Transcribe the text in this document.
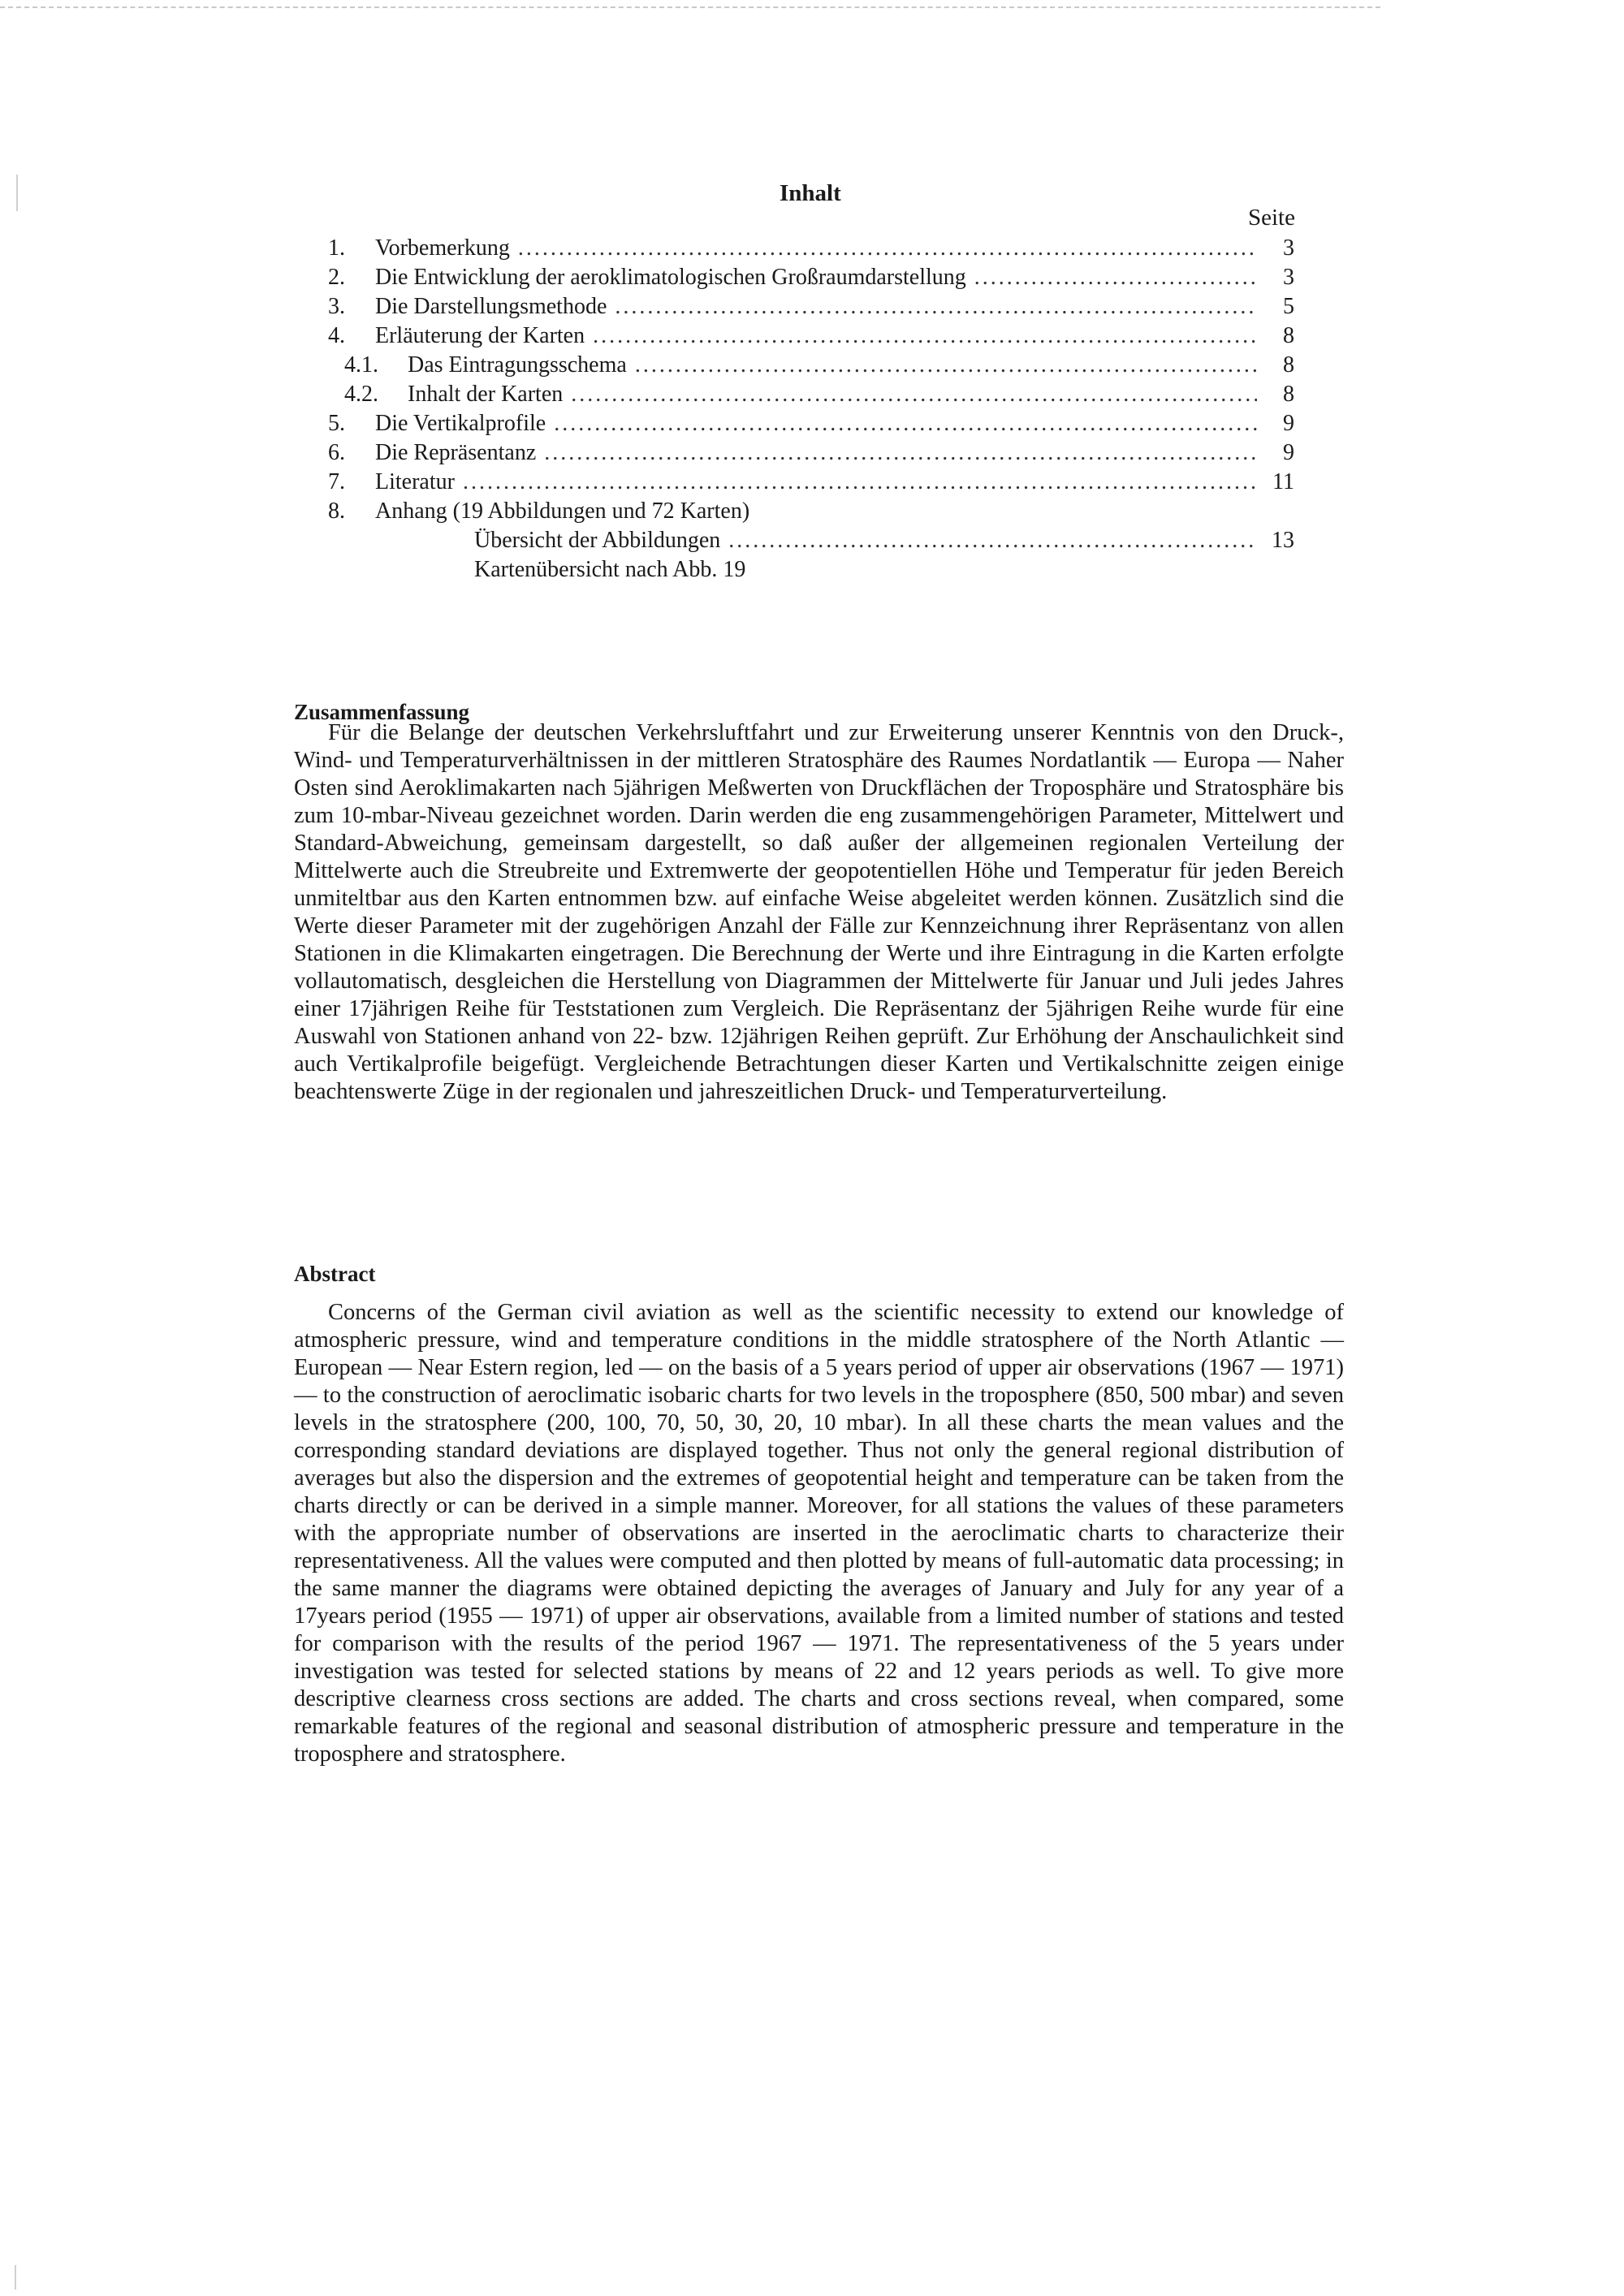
Inhalt
Seite
1.	Vorbemerkung .....	3
2.	Die Entwicklung der aeroklimatologischen Großraumdarstellung .....	3
3.	Die Darstellungsmethode .....	5
4.	Erläuterung der Karten .....	8
4.1.	Das Eintragungsschema .....	8
4.2.	Inhalt der Karten .....	8
5.	Die Vertikalprofile .....	9
6.	Die Repräsentanz .....	9
7.	Literatur .....	11
8.	Anhang (19 Abbildungen und 72 Karten)
Übersicht der Abbildungen .....	13
Kartenübersicht nach Abb. 19
Zusammenfassung

Für die Belange der deutschen Verkehrsluftfahrt und zur Erweiterung unserer Kenntnis von den Druck-, Wind- und Temperaturverhältnissen in der mittleren Stratosphäre des Raumes Nordatlantik — Europa — Naher Osten sind Aeroklimakarten nach 5jährigen Meßwerten von Druckflächen der Troposphäre und Stratosphäre bis zum 10-mbar-Niveau gezeichnet worden. Darin werden die eng zusammengehörigen Parameter, Mittelwert und Standard-Abweichung, gemeinsam dargestellt, so daß außer der allgemeinen regionalen Verteilung der Mittelwerte auch die Streubreite und Extremwerte der geopotentiellen Höhe und Temperatur für jeden Bereich unmiteltbar aus den Karten entnommen bzw. auf einfache Weise abgeleitet werden können. Zusätzlich sind die Werte dieser Parameter mit der zugehörigen Anzahl der Fälle zur Kennzeichnung ihrer Repräsentanz von allen Stationen in die Klimakarten eingetragen. Die Berechnung der Werte und ihre Eintragung in die Karten erfolgte vollautomatisch, desgleichen die Herstellung von Diagrammen der Mittelwerte für Januar und Juli jedes Jahres einer 17jährigen Reihe für Teststationen zum Vergleich. Die Repräsentanz der 5jährigen Reihe wurde für eine Auswahl von Stationen anhand von 22- bzw. 12jährigen Reihen geprüft. Zur Erhöhung der Anschaulichkeit sind auch Vertikalprofile beigefügt. Vergleichende Betrachtungen dieser Karten und Vertikalschnitte zeigen einige beachtenswerte Züge in der regionalen und jahreszeitlichen Druck- und Temperaturverteilung.

Abstract

Concerns of the German civil aviation as well as the scientific necessity to extend our knowledge of atmospheric pressure, wind and temperature conditions in the middle stratosphere of the North Atlantic — European — Near Estern region, led — on the basis of a 5 years period of upper air observations (1967 — 1971) — to the construction of aeroclimatic isobaric charts for two levels in the troposphere (850, 500 mbar) and seven levels in the stratosphere (200, 100, 70, 50, 30, 20, 10 mbar). In all these charts the mean values and the corresponding standard deviations are displayed together. Thus not only the general regional distribution of averages but also the dispersion and the extremes of geopotential height and temperature can be taken from the charts directly or can be derived in a simple manner. Moreover, for all stations the values of these parameters with the appropriate number of observations are inserted in the aeroclimatic charts to characterize their representativeness. All the values were computed and then plotted by means of full-automatic data processing; in the same manner the diagrams were obtained depicting the averages of January and July for any year of a 17years period (1955 — 1971) of upper air observations, available from a limited number of stations and tested for comparison with the results of the period 1967 — 1971. The representativeness of the 5 years under investigation was tested for selected stations by means of 22 and 12 years periods as well. To give more descriptive clearness cross sections are added. The charts and cross sections reveal, when compared, some remarkable features of the regional and seasonal distribution of atmospheric pressure and temperature in the troposphere and stratosphere.
